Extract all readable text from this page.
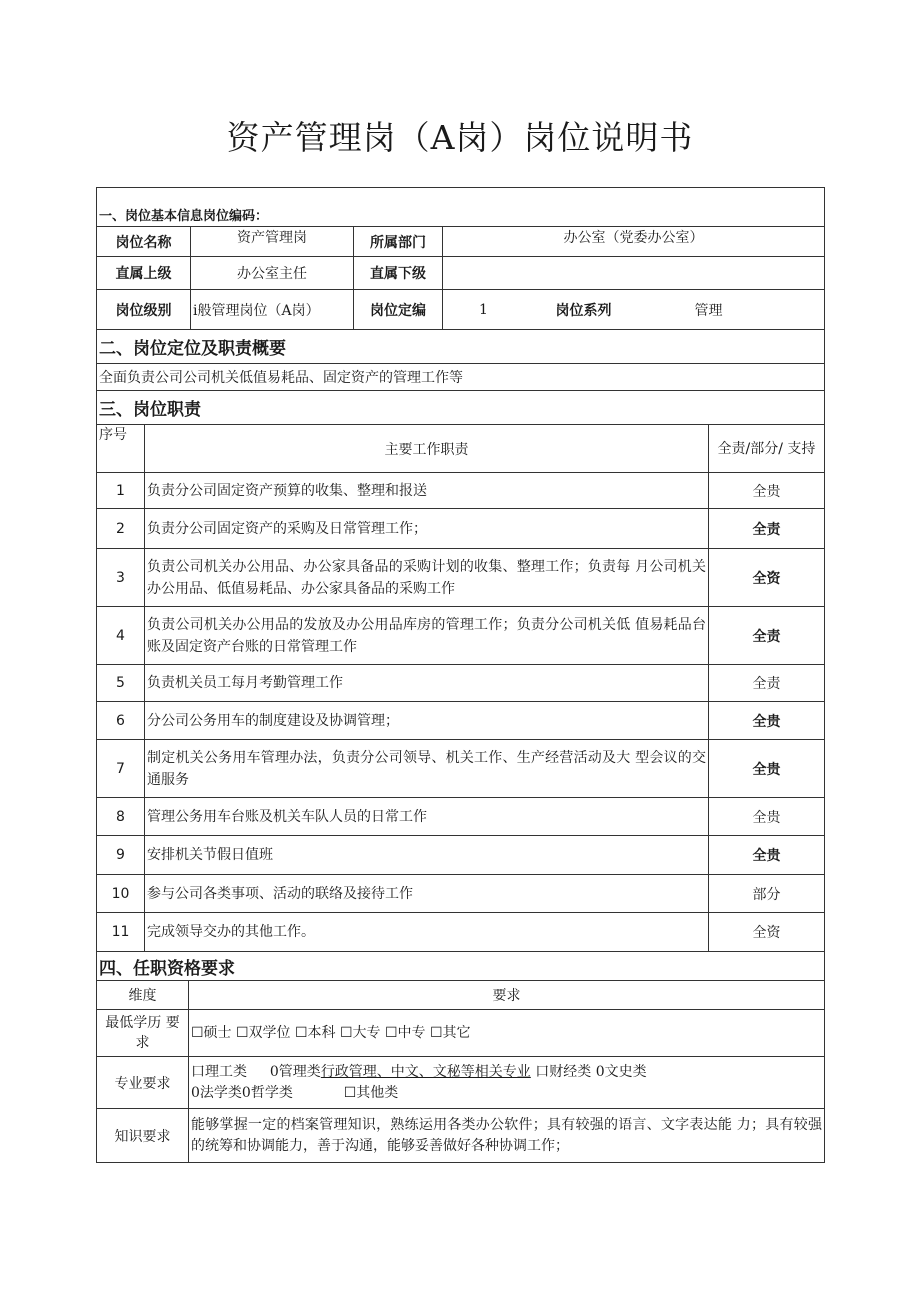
资产管理岗（A岗）岗位说明书
一、岗位基本信息岗位编码：					
岗位名称	资产管理岗	所属部门	办公室（党委办公室）		
直属上级	办公室主任	直属下级			
岗位级别	i般管理岗位（A岗）	岗位定编	1	岗位系列	管理
二、岗位定位及职责概要					
全面负责公司公司机关低值易耗品、固定资产的管理工作等					
三、岗位职责					
序号	主要工作职责	全责/部分/ 支持
1	负责分公司固定资产预算的收集、整理和报送	全贵
2	负责分公司固定资产的采购及日常管理工作；	全责
3	负责公司机关办公用品、办公家具备品的采购计划的收集、整理工作；负责每 月公司机关办公用品、低值易耗品、办公家具备品的采购工作	全资
4	负责公司机关办公用品的发放及办公用品库房的管理工作；负责分公司机关低 值易耗品台账及固定资产台账的日常管理工作	全责
5	负责机关员工每月考勤管理工作	全责
6	分公司公务用车的制度建设及协调管理；	全贵
7	制定机关公务用车管理办法，负责分公司领导、机关工作、生产经营活动及大 型会议的交通服务	全贵
8	管理公务用车台账及机关车队人员的日常工作	全贵
9	安排机关节假日值班	全贵
10	参与公司各类事项、活动的联络及接待工作	部分
11	完成领导交办的其他工作。	全资
四、任职资格要求	
维度	要求
最低学历 要求	☐硕士 ☐双学位 ☐本科 ☐大专 ☐中专 ☐其它
专业要求	口理工类 　 0管理类行政管理、中文、文秘等相关专业 口财经类 0文史类
0法学类0哲学类 　　　 ☐其他类

知识要求	能够掌握一定的档案管理知识，熟练运用各类办公软件；具有较强的语言、文字表达能 力；具有较强的统筹和协调能力，善于沟通，能够妥善做好各种协调工作；
